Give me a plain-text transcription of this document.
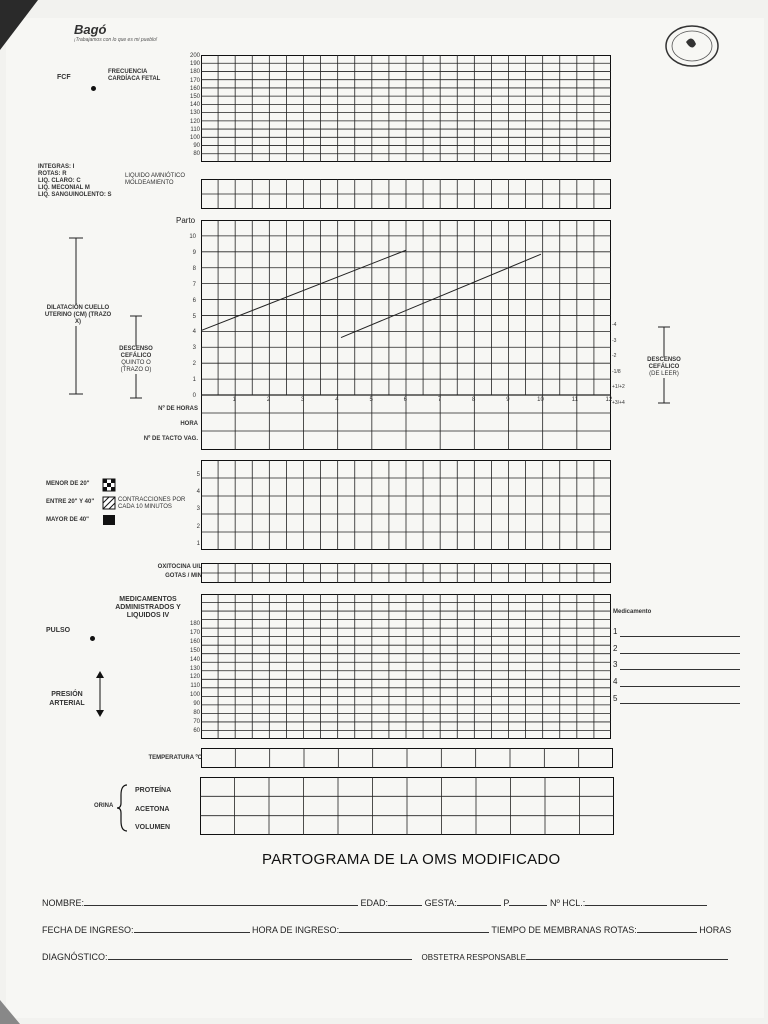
Bagó
¡Trabajamos con lo que es mi pueblo!
FCF
FRECUENCIA CARDÍACA FETAL
200
190
180
170
160
150
140
130
120
110
100
90
80
INTEGRAS: I
ROTAS: R
LIQ. CLARO: C
LIQ. MECONIAL M
LIQ. SANGUINOLENTO: S
LIQUIDO AMNIÓTICO MOLDEAMIENTO
Parto
10
9
8
7
6
5
4
3
2
1
0
1	2	3	4	5	6	7	8	9	10	11	12
-4
-3
-2
-1/8
+1/+2
+3/+4
DILATACIÓN CUELLO UTERINO (CM) (TRAZO X)
DESCENSO CEFÁLICO
QUINTO O (TRAZO O)
DESCENSO CEFÁLICO
(DE LEER)
Nº DE HORAS
HORA
Nº DE TACTO VAG.
5
4
3
2
1
MENOR DE 20"
ENTRE 20" Y 40"	CONTRACCIONES POR CADA 10 MINUTOS
MAYOR DE 40"
OXITOCINA U/L
GOTAS / MIN
MEDICAMENTOS ADMINISTRADOS Y LIQUIDOS IV	Medicamento
1
2
3
4
5
180
170
160
150
140
130
120
110
100
90
80
70
60
PULSO
PRESIÓN ARTERIAL
TEMPERATURA ºC
ORINA
PROTEÍNA
ACETONA
VOLUMEN
PARTOGRAMA DE LA OMS MODIFICADO
NOMBRE:	EDAD:	GESTA:	P	Nº HCL.:
FECHA DE INGRESO:	HORA DE INGRESO:	TIEMPO DE MEMBRANAS ROTAS:	HORAS
DIAGNÓSTICO:	OBSTETRA RESPONSABLE
